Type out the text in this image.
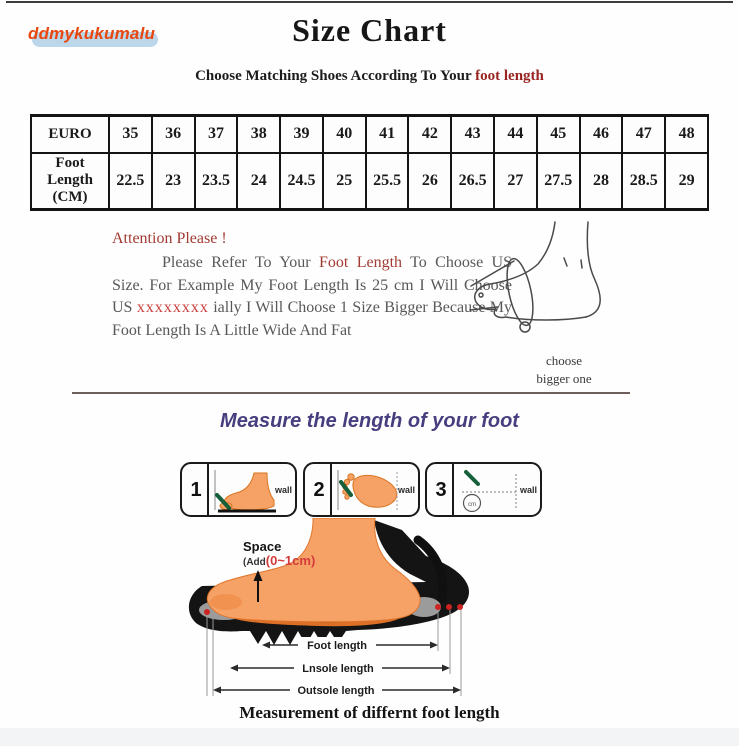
ddmykukumalu	Size Chart
Choose Matching Shoes According To Your foot length
EURO	35	36	37	38	39	40	41	42	43	44	45	46	47	48
Foot Length (CM)	22.5	23	23.5	24	24.5	25	25.5	26	26.5	27	27.5	28	28.5	29
Attention Please !

Please Refer To Your Foot Length To Choose US Size. For Example My Foot Length Is 25 cm I Will Choose US xxxxxxxx ially I Will Choose 1 Size Bigger Because My Foot Length Is A Little Wide And Fat

choose
bigger one
Measure the length of your foot
1	wall 2	wall 3
cm
wall
Foot length
Lnsole length
Outsole length
Space
(Add(0~1cm)
Measurement of differnt foot length
